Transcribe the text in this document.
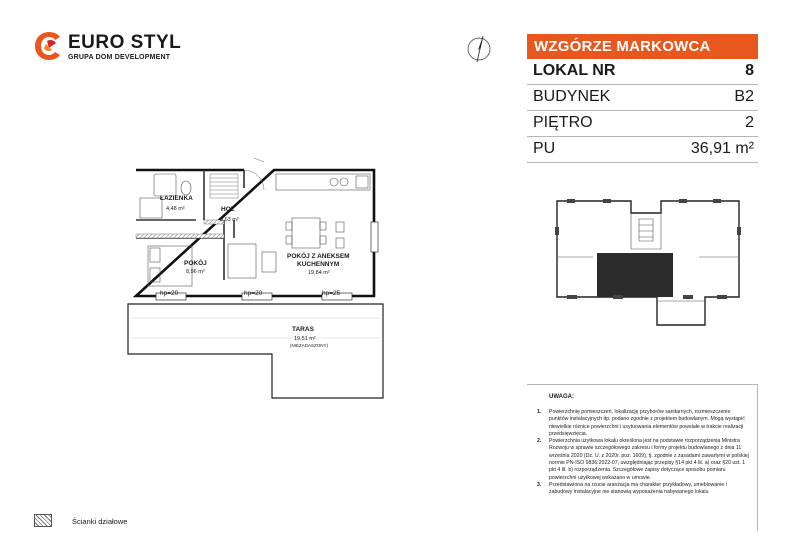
EURO STYL
GRUPA DOM DEVELOPMENT
WZGÓRZE MARKOWCA
LOKAL NR	8
BUDYNEK	B2
PIĘTRO	2
PU	36,91 m²
ŁAZIENKA
4,48 m²	HOL
3,63 m²
POKÓJ
8,96 m²
POKÓJ Z ANEKSEM
KUCHENNYM
19,84 m²
TARAS
19,51 m²
(NIEZADASZONY)
hp=20	hp=20	hp=25
UWAGA:
1. Powierzchnię pomieszczeń, lokalizację przyborów sanitarnych, rozmieszczenie punktów instalacyjnych itp. podano zgodnie z projektem budowlanym. Mogą wystąpić niewielkie różnice powierzchni i usytuowania elementów powstałe w trakcie realizacji przedsięwzięcia.
2. Powierzchnia użytkowa lokalu określona jest na podstawie rozporządzenia Ministra Rozwoju w sprawie szczegółowego zakresu i formy projektu budowlanego z dnia 11 września 2020 (Dz. U. z 2020r. poz. 1609), tj. zgodnie z zasadami zawartymi w polskiej normie PN-ISO 9836:2022-07, uwzględniając przepisy §14 pkt 4 lit. a) oraz §20 ust. 1 pkt 4 lit. b) rozporządzenia. Szczegółowe zapisy dotyczące sposobu pomiaru powierzchni użytkowej wskazano w umowie.
3. Przedstawiona na rzucie aranżacja ma charakter przykładowy, umeblowanie i zabudowy instalacyjne nie stanowią wyposażenia nabywanego lokalu
Ścianki działowe
